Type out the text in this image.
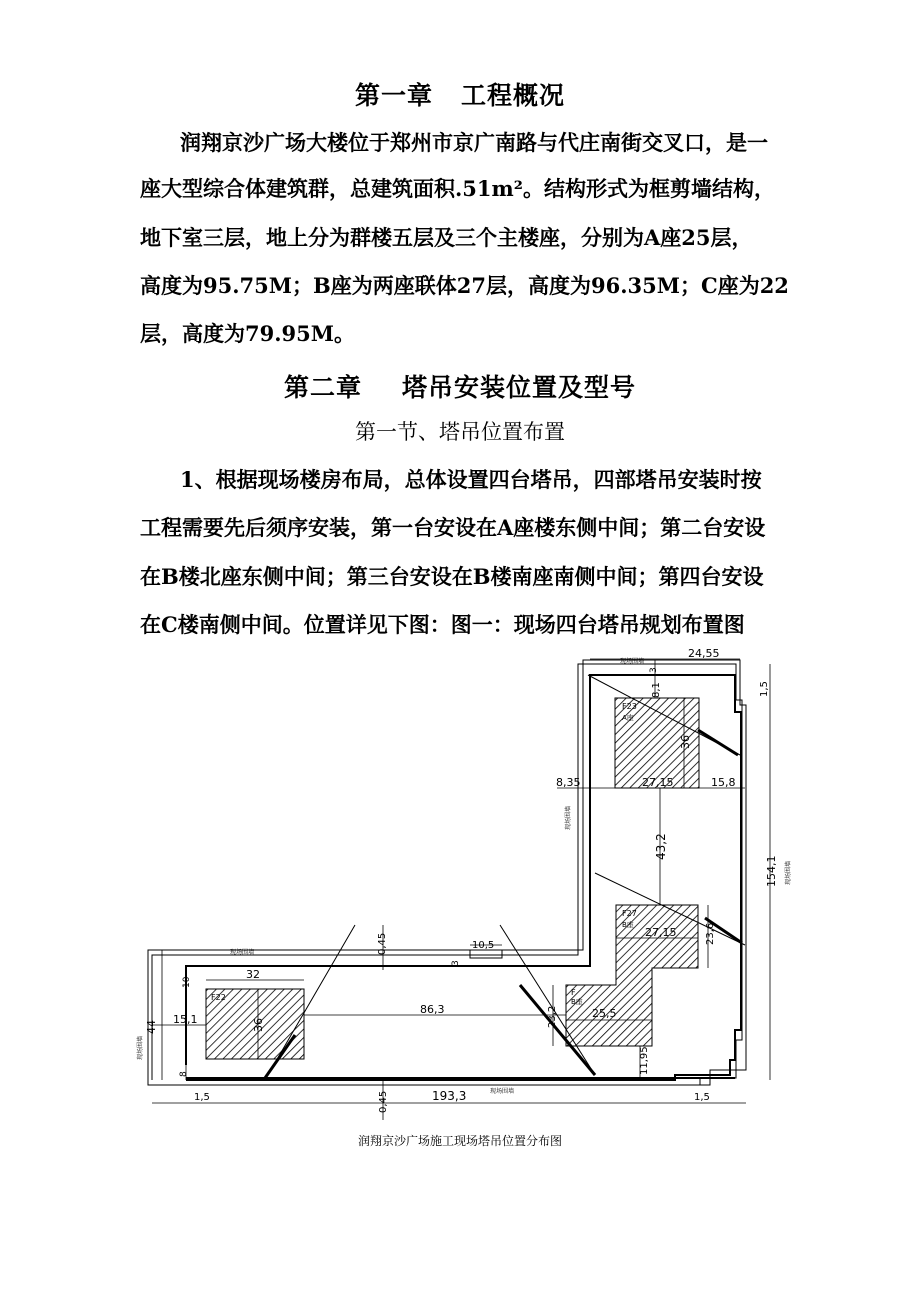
第一章 工程概况
润翔京沙广场大楼位于郑州市京广南路与代庄南街交叉口，是一
座大型综合体建筑群，总建筑面积.51m²。结构形式为框剪墙结构，
地下室三层，地上分为群楼五层及三个主楼座，分别为A座25层，
高度为95.75M；B座为两座联体27层，高度为96.35M；C座为22
层，高度为79.95M。
第二章 塔吊安装位置及型号
第一节、塔吊位置布置
1、根据现场楼房布局，总体设置四台塔吊，四部塔吊安装时按
工程需要先后须序安装，第一台安设在A座楼东侧中间；第二台安设
在B楼北座东侧中间；第三台安设在B楼南座南侧中间；第四台安设
在C楼南侧中间。位置详见下图：图一：现场四台塔吊规划布置图
F23
A座
F27
B座
F
B座
F22
24,55
3
8,1
36
27,15	15,8
8,35
43,2
154,1
27,15	23,6
0,45	10,5
3
32
10
44
15,1	36
86,3	23,2	25,5
8	11,95
0,45	193,3
1,5	1,5
1,5
现场围墙
现场围墙
现场围墙
现场围墙
现场围墙
现场围墙
润翔京沙广场施工现场塔吊位置分布图
